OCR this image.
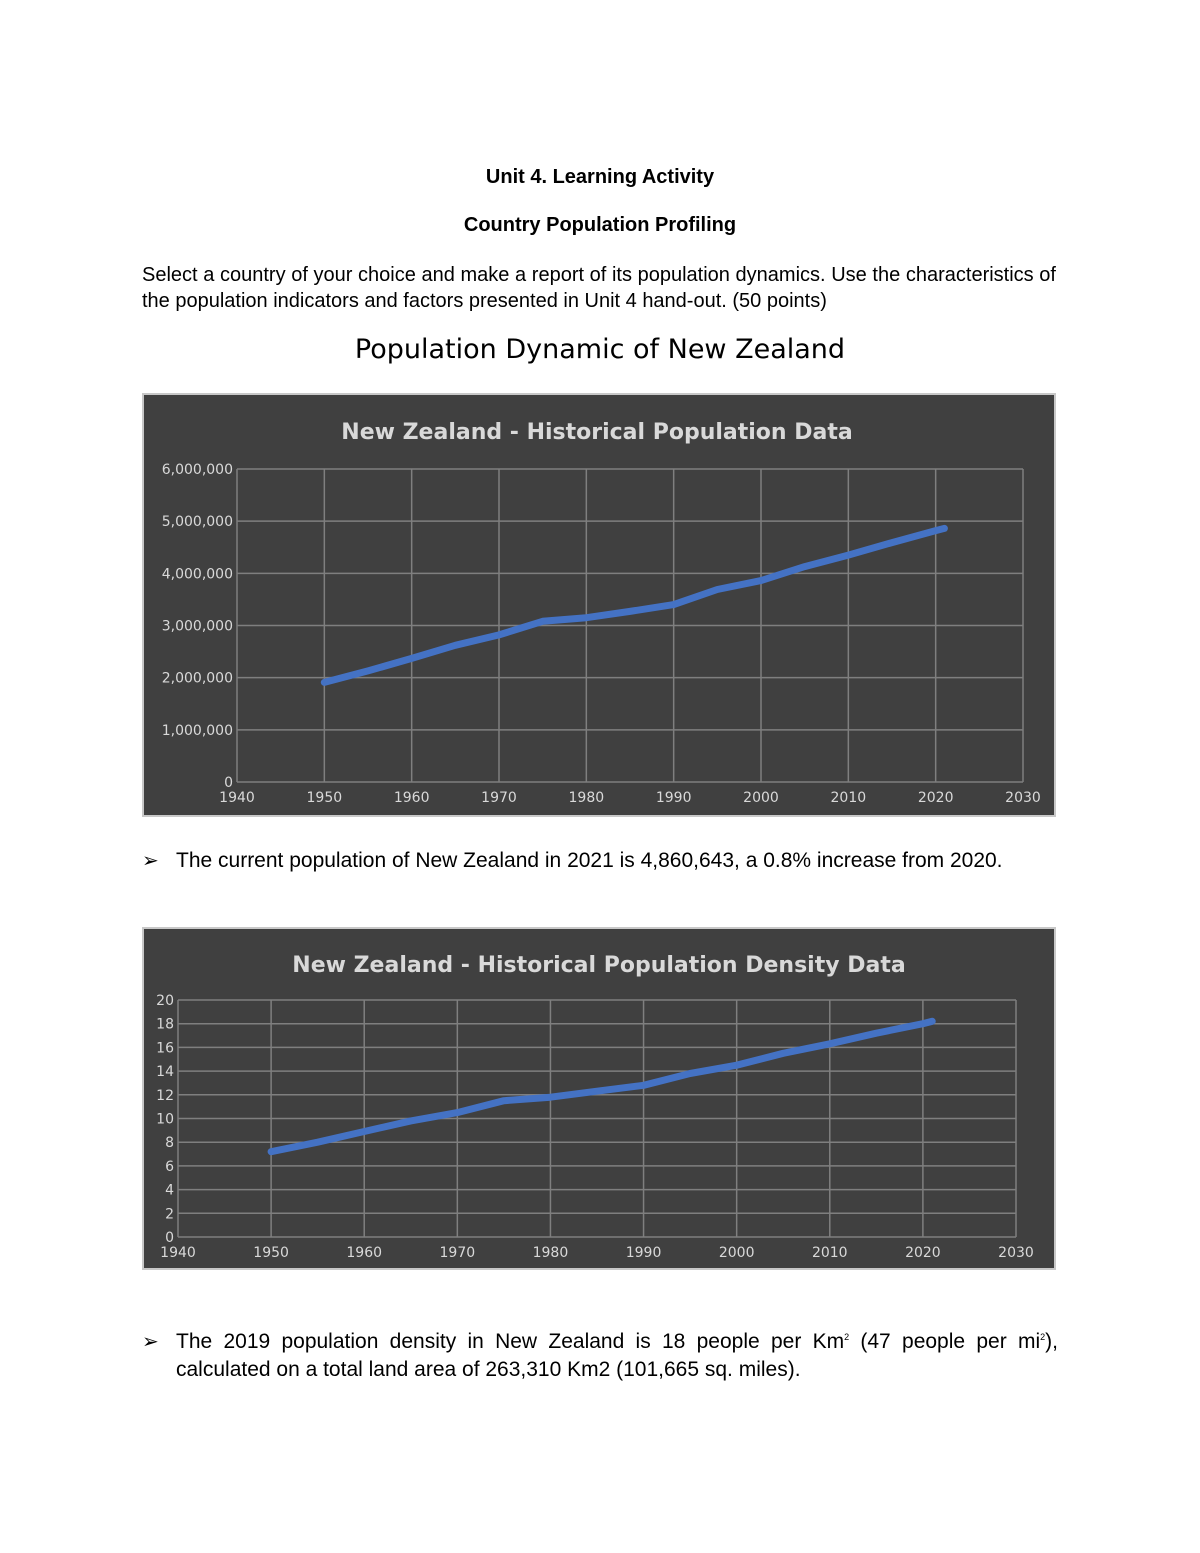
Unit 4. Learning Activity
Country Population Profiling

Select a country of your choice and make a report of its population dynamics. Use the characteristics of the population indicators and factors presented in Unit 4 hand-out. (50 points)

Population Dynamic of New Zealand
New Zealand - Historical Population Data
0
1,000,000
2,000,000
3,000,000
4,000,000
5,000,000
6,000,000
1940	1950	1960	1970	1980	1990	2000	2010	2020	2030
➢ The current population of New Zealand in 2021 is 4,860,643, a 0.8% increase from 2020.
New Zealand - Historical Population Density Data
0
2
4
6
8
10
12
14
16
18
20
1940	1950	1960	1970	1980	1990	2000	2010	2020	2030
➢ The 2019 population density in New Zealand is 18 people per Km$^2$ (47 people per $mi^2$), calculated on a total land area of 263,310 Km2 (101,665 sq. miles).
